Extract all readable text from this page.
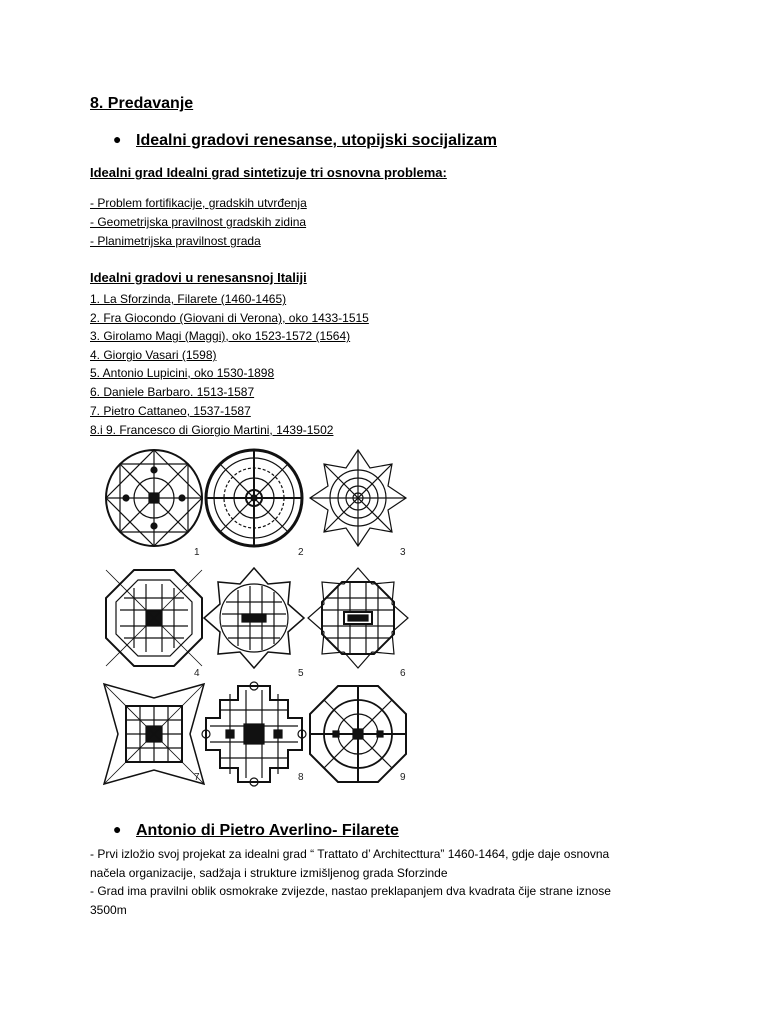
8. Predavanje
● Idealni gradovi renesanse, utopijski socijalizam
Idealni grad Idealni grad sintetizuje tri osnovna problema:
- Problem fortifikacije, gradskih utvrđenja
- Geometrijska pravilnost gradskih zidina
- Planimetrijska pravilnost grada
Idealni gradovi u renesansnoj Italiji
1. La Sforzinda, Filarete (1460-1465)
2. Fra Giocondo (Giovani di Verona), oko 1433-1515
3. Girolamo Magi (Maggi), oko 1523-1572 (1564)
4. Giorgio Vasari (1598)
5. Antonio Lupicini, oko 1530-1898
6. Daniele Barbaro. 1513-1587
7. Pietro Cattaneo, 1537-1587
8.i 9. Francesco di Giorgio Martini, 1439-1502
1	2	3
4	5	6
7	8	9
● Antonio di Pietro Averlino- Filarete
- Prvi izložio svoj projekat za idealni grad “ Trattato d’ Architecttura” 1460-1464, gdje daje osnovna
načela organizacije, sadžaja i strukture izmišljenog grada Sforzinde
- Grad ima pravilni oblik osmokrake zvijezde, nastao preklapanjem dva kvadrata čije strane iznose
3500m
